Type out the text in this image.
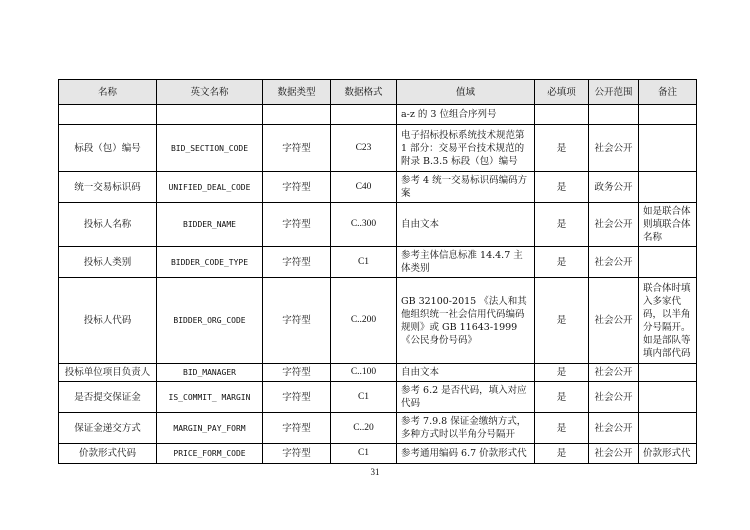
名称	英文名称	数据类型	数据格式	值域	必填项	公开范围	备注
				a-z 的 3 位组合序列号			
标段（包）编号	BID_SECTION_CODE	字符型	C23	电子招标投标系统技术规范第 1 部分：交易平台技术规范的附录 B.3.5 标段（包）编号	是	社会公开	
统一交易标识码	UNIFIED_DEAL_CODE	字符型	C40	参考 4 统一交易标识码编码方案	是	政务公开	
投标人名称	BIDDER_NAME	字符型	C..300	自由文本	是	社会公开	如是联合体则填联合体名称
投标人类别	BIDDER_CODE_TYPE	字符型	C1	参考主体信息标准 14.4.7 主体类别	是	社会公开	
投标人代码	BIDDER_ORG_CODE	字符型	C..200	GB 32100-2015 《法人和其他组织统一社会信用代码编码规则》或 GB 11643-1999《公民身份号码》	是	社会公开	联合体时填入多家代码，以半角分号隔开。如是部队等填内部代码
投标单位项目负责人	BID_MANAGER	字符型	C..100	自由文本	是	社会公开	
是否提交保证金	IS_COMMIT_ MARGIN	字符型	C1	参考 6.2 是否代码，填入对应代码	是	社会公开	
保证金递交方式	MARGIN_PAY_FORM	字符型	C..20	参考 7.9.8 保证金缴纳方式，多种方式时以半角分号隔开	是	社会公开	
价款形式代码	PRICE_FORM_CODE	字符型	C1	参考通用编码 6.7 价款形式代	是	社会公开	价款形式代
31
